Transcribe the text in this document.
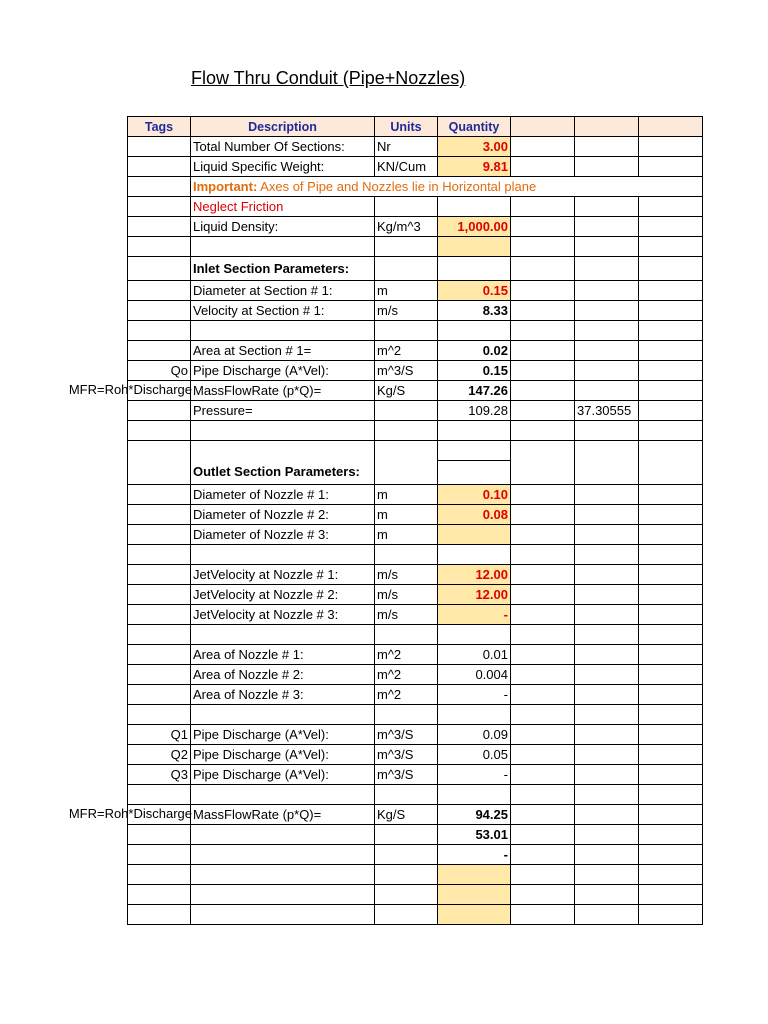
Flow Thru Conduit (Pipe+Nozzles)
Tags	Description	Units	Quantity			
	Total Number Of Sections:	Nr	3.00			
	Liquid Specific Weight:	KN/Cum	9.81			
	Important: Axes of Pipe and Nozzles lie in Horizontal plane					
	Neglect Friction					
	Liquid Density:	Kg/m^3	1,000.00			

	Inlet Section Parameters:					
	Diameter at Section # 1:	m	0.15			
	Velocity at Section # 1:	m/s	8.33			

	Area at Section # 1=	m^2	0.02			
Qo	Pipe Discharge (A*Vel):	m^3/S	0.15			

MFR=Roh*Discharge	MassFlowRate (p*Q)=	Kg/S	147.26			
	Pressure=		109.28		37.30555	

	Outlet Section Parameters:					
	Diameter of Nozzle # 1:	m	0.10			
	Diameter of Nozzle # 2:	m	0.08			
	Diameter of Nozzle # 3:	m				

	JetVelocity at Nozzle # 1:	m/s	12.00			
	JetVelocity at Nozzle # 2:	m/s	12.00			
	JetVelocity at Nozzle # 3:	m/s	-			

	Area of Nozzle # 1:	m^2	0.01			
	Area of Nozzle # 2:	m^2	0.004			
	Area of Nozzle # 3:	m^2	-			

Q1	Pipe Discharge (A*Vel):	m^3/S	0.09			
Q2	Pipe Discharge (A*Vel):	m^3/S	0.05			
Q3	Pipe Discharge (A*Vel):	m^3/S	-			

MFR=Roh*Discharge	MassFlowRate (p*Q)=	Kg/S	94.25			
			53.01			
			-			
